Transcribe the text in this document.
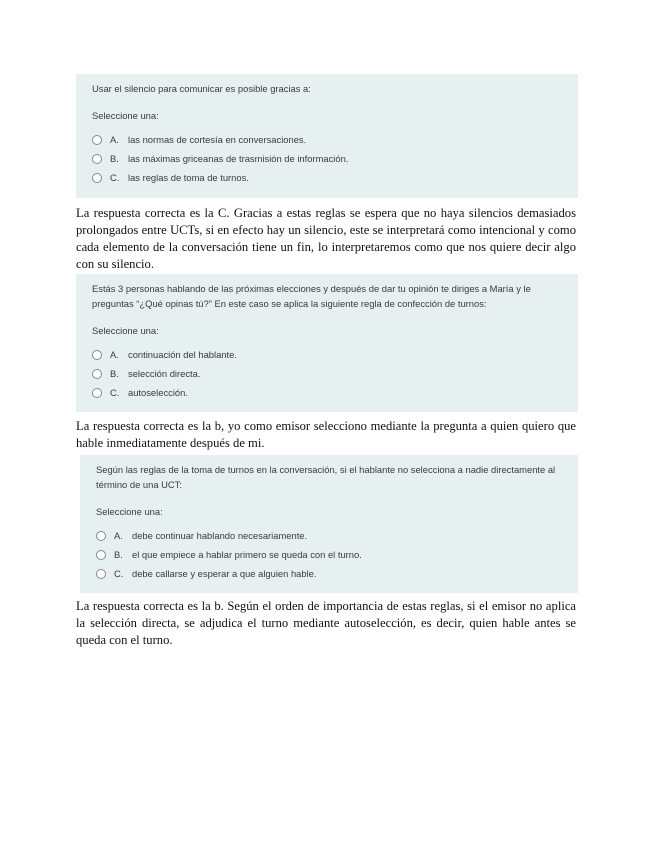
Usar el silencio para comunicar es posible gracias a:

Seleccione una:
A. las normas de cortesía en conversaciones.
B. las máximas griceanas de trasmisión de información.
C. las reglas de toma de turnos.

La respuesta correcta es la C. Gracias a estas reglas se espera que no haya silencios demasiados prolongados entre UCTs, si en efecto hay un silencio, este se interpretará como intencional y como cada elemento de la conversación tiene un fin, lo interpretaremos como que nos quiere decir algo con su silencio.

Estás 3 personas hablando de las próximas elecciones y después de dar tu opinión te diriges a María y le preguntas “¿Qué opinas tú?” En este caso se aplica la siguiente regla de confección de turnos:

Seleccione una:
A. continuación del hablante.
B. selección directa.
C. autoselección.

La respuesta correcta es la b, yo como emisor selecciono mediante la pregunta a quien quiero que hable inmediatamente después de mi.

Según las reglas de la toma de turnos en la conversación, si el hablante no selecciona a nadie directamente al término de una UCT:

Seleccione una:
A. debe continuar hablando necesariamente.
B. el que empiece a hablar primero se queda con el turno.
C. debe callarse y esperar a que alguien hable.

La respuesta correcta es la b. Según el orden de importancia de estas reglas, si el emisor no aplica la selección directa, se adjudica el turno mediante autoselección, es decir, quien hable antes se queda con el turno.
